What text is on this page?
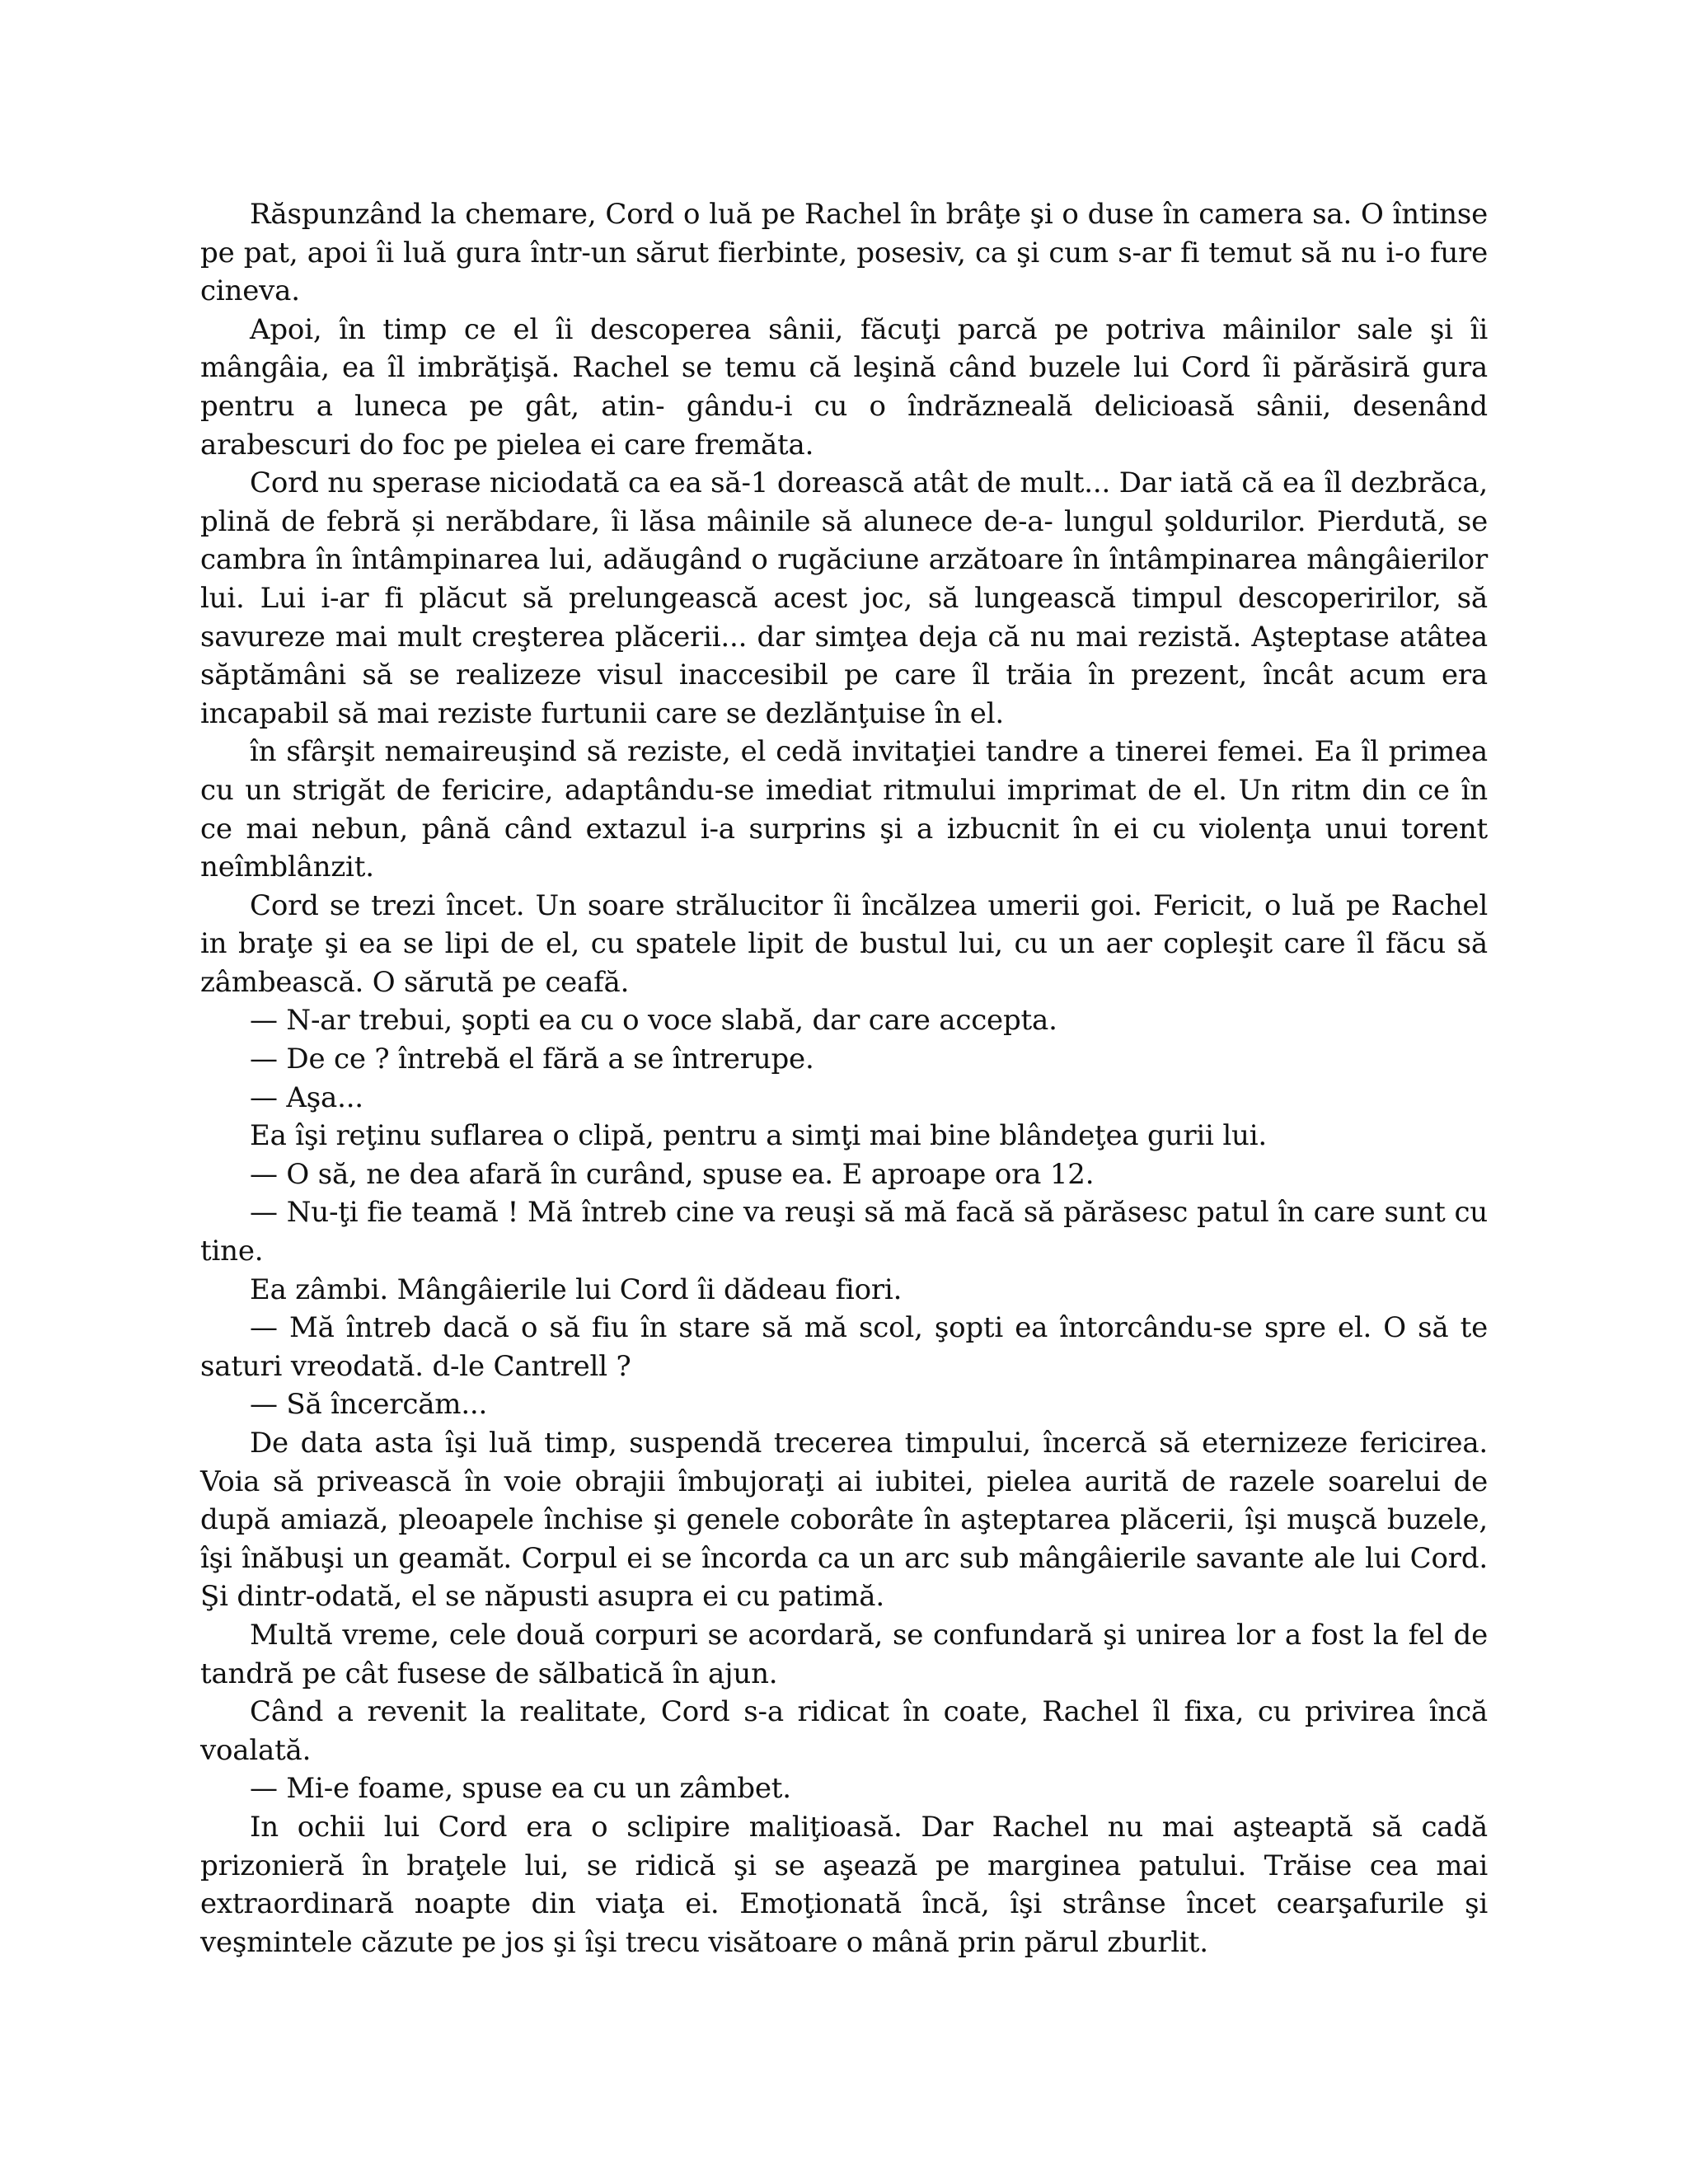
Răspunzând la chemare, Cord o luă pe Rachel în brâţe şi o duse în camera sa. O întinse pe pat, apoi îi luă gura într-un sărut fierbinte, posesiv, ca şi cum s-ar fi temut să nu i-o fure cineva.

Apoi, în timp ce el îi descoperea sânii, făcuţi parcă pe potriva mâinilor sale şi îi mângâia, ea îl imbrăţişă. Rachel se temu că leşină când buzele lui Cord îi părăsiră gura pentru a luneca pe gât, atin- gându-i cu o îndrăzneală delicioasă sânii, desenând arabescuri do foc pe pielea ei care fremăta.

Cord nu sperase niciodată ca ea să-1 dorească atât de mult... Dar iată că ea îl dezbrăca, plină de febră și nerăbdare, îi lăsa mâinile să alunece de-a- lungul şoldurilor. Pierdută, se cambra în întâmpinarea lui, adăugând o rugăciune arzătoare în întâmpinarea mângâierilor lui. Lui i-ar fi plăcut să prelungească acest joc, să lungească timpul descoperirilor, să savureze mai mult creşterea plăcerii... dar simţea deja că nu mai rezistă. Aşteptase atâtea săptămâni să se realizeze visul inaccesibil pe care îl trăia în prezent, încât acum era incapabil să mai reziste furtunii care se dezlănţuise în el.

în sfârşit nemaireuşind să reziste, el cedă invitaţiei tandre a tinerei femei. Ea îl primea cu un strigăt de fericire, adaptându-se imediat ritmului imprimat de el. Un ritm din ce în ce mai nebun, până când extazul i-a surprins şi a izbucnit în ei cu violenţa unui torent neîmblânzit.

Cord se trezi încet. Un soare strălucitor îi încălzea umerii goi. Fericit, o luă pe Rachel in braţe şi ea se lipi de el, cu spatele lipit de bustul lui, cu un aer copleşit care îl făcu să zâmbească. O sărută pe ceafă.

— N-ar trebui, şopti ea cu o voce slabă, dar care accepta.

— De ce ? întrebă el fără a se întrerupe.

— Aşa...

Ea îşi reţinu suflarea o clipă, pentru a simţi mai bine blândeţea gurii lui.

— O să, ne dea afară în curând, spuse ea. E aproape ora 12.

— Nu-ţi fie teamă ! Mă întreb cine va reuşi să mă facă să părăsesc patul în care sunt cu tine.

Ea zâmbi. Mângâierile lui Cord îi dădeau fiori.

— Mă întreb dacă o să fiu în stare să mă scol, şopti ea întorcându-se spre el. O să te saturi vreodată. d-le Cantrell ?

— Să încercăm...

De data asta îşi luă timp, suspendă trecerea timpului, încercă să eternizeze fericirea. Voia să privească în voie obrajii îmbujoraţi ai iubitei, pielea aurită de razele soarelui de după amiază, pleoapele închise şi genele coborâte în aşteptarea plăcerii, îşi muşcă buzele, îşi înăbuşi un geamăt. Corpul ei se încorda ca un arc sub mângâierile savante ale lui Cord. Şi dintr-odată, el se năpusti asupra ei cu patimă.

Multă vreme, cele două corpuri se acordară, se confundară şi unirea lor a fost la fel de tandră pe cât fusese de sălbatică în ajun.

Când a revenit la realitate, Cord s-a ridicat în coate, Rachel îl fixa, cu privirea încă voalată.

— Mi-e foame, spuse ea cu un zâmbet.

In ochii lui Cord era o sclipire maliţioasă. Dar Rachel nu mai aşteaptă să cadă prizonieră în braţele lui, se ridică şi se aşează pe marginea patului. Trăise cea mai extraordinară noapte din viaţa ei. Emoţionată încă, îşi strânse încet cearşafurile şi veşmintele căzute pe jos şi îşi trecu visătoare o mână prin părul zburlit.
